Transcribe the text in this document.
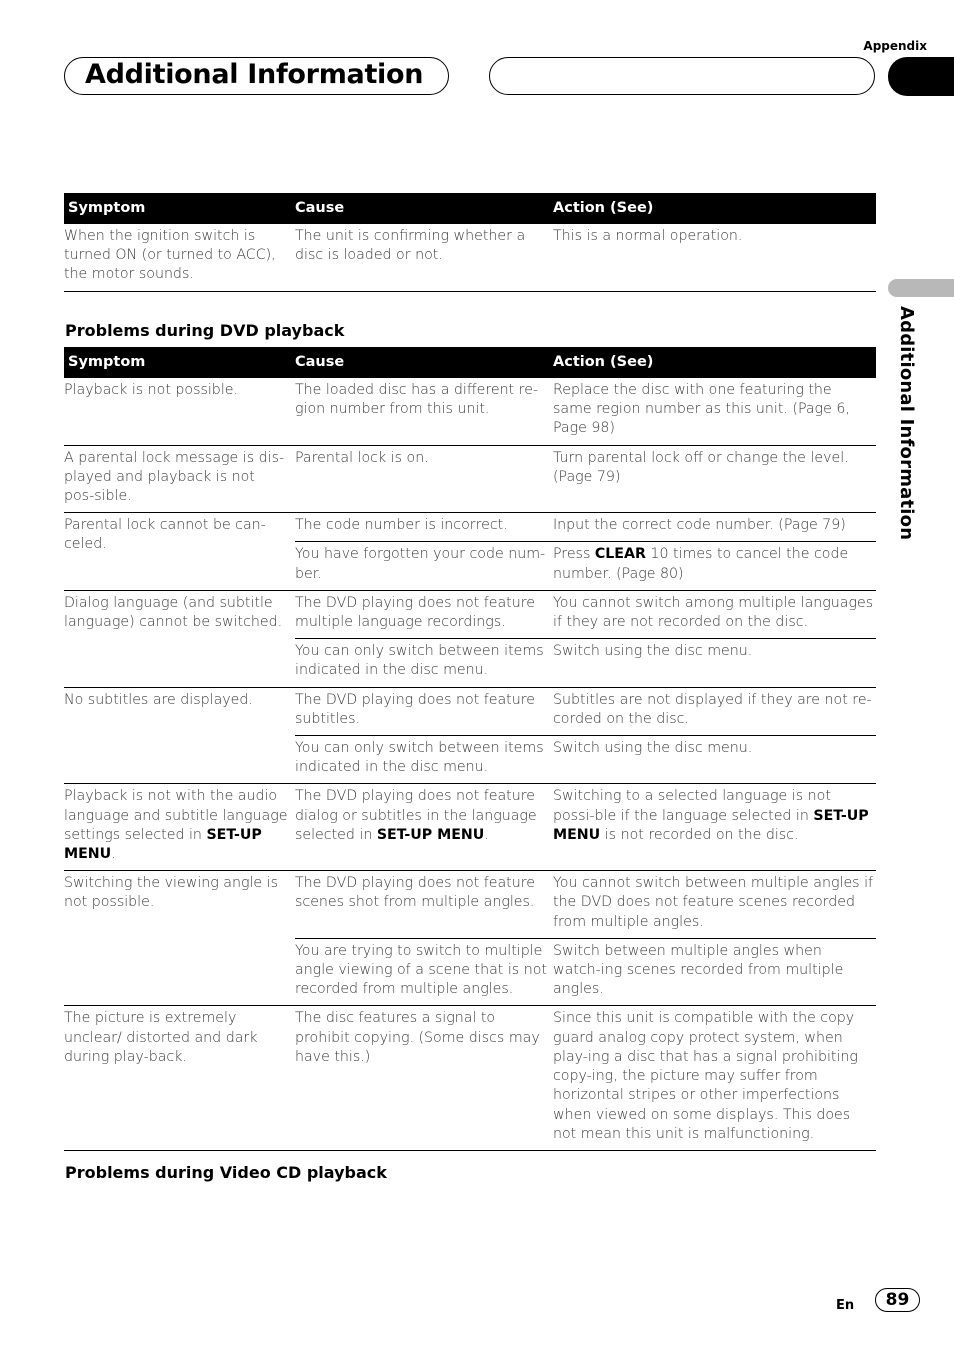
Appendix
Additional Information
Additional Information
Symptom	Cause	Action (See)
When the ignition switch is turned ON (or turned to ACC), the motor sounds.	The unit is confirming whether a disc is loaded or not.	This is a normal operation.
Problems during DVD playback
Symptom	Cause	Action (See)
Playback is not possible.	The loaded disc has a different re-gion number from this unit.	Replace the disc with one featuring the same region number as this unit. (Page 6, Page 98)
A parental lock message is dis-played and playback is not pos-sible.	Parental lock is on.	Turn parental lock off or change the level. (Page 79)
Parental lock cannot be can-celed.	The code number is incorrect.	Input the correct code number. (Page 79)
	You have forgotten your code num-ber.	Press CLEAR 10 times to cancel the code number. (Page 80)
Dialog language (and subtitle language) cannot be switched.	The DVD playing does not feature multiple language recordings.	You cannot switch among multiple languages if they are not recorded on the disc.
	You can only switch between items indicated in the disc menu.	Switch using the disc menu.
No subtitles are displayed.	The DVD playing does not feature subtitles.	Subtitles are not displayed if they are not re-corded on the disc.
	You can only switch between items indicated in the disc menu.	Switch using the disc menu.
Playback is not with the audio language and subtitle language settings selected in SET-UP MENU.	The DVD playing does not feature dialog or subtitles in the language selected in SET-UP MENU.	Switching to a selected language is not possi-ble if the language selected in SET-UP MENU is not recorded on the disc.
Switching the viewing angle is not possible.	The DVD playing does not feature scenes shot from multiple angles.	You cannot switch between multiple angles if the DVD does not feature scenes recorded from multiple angles.
	You are trying to switch to multiple angle viewing of a scene that is not recorded from multiple angles.	Switch between multiple angles when watch-ing scenes recorded from multiple angles.
The picture is extremely unclear/ distorted and dark during play-back.	The disc features a signal to prohibit copying. (Some discs may have this.)	Since this unit is compatible with the copy guard analog copy protect system, when play-ing a disc that has a signal prohibiting copy-ing, the picture may suffer from horizontal stripes or other imperfections when viewed on some displays. This does not mean this unit is malfunctioning.
Problems during Video CD playback
En	89
